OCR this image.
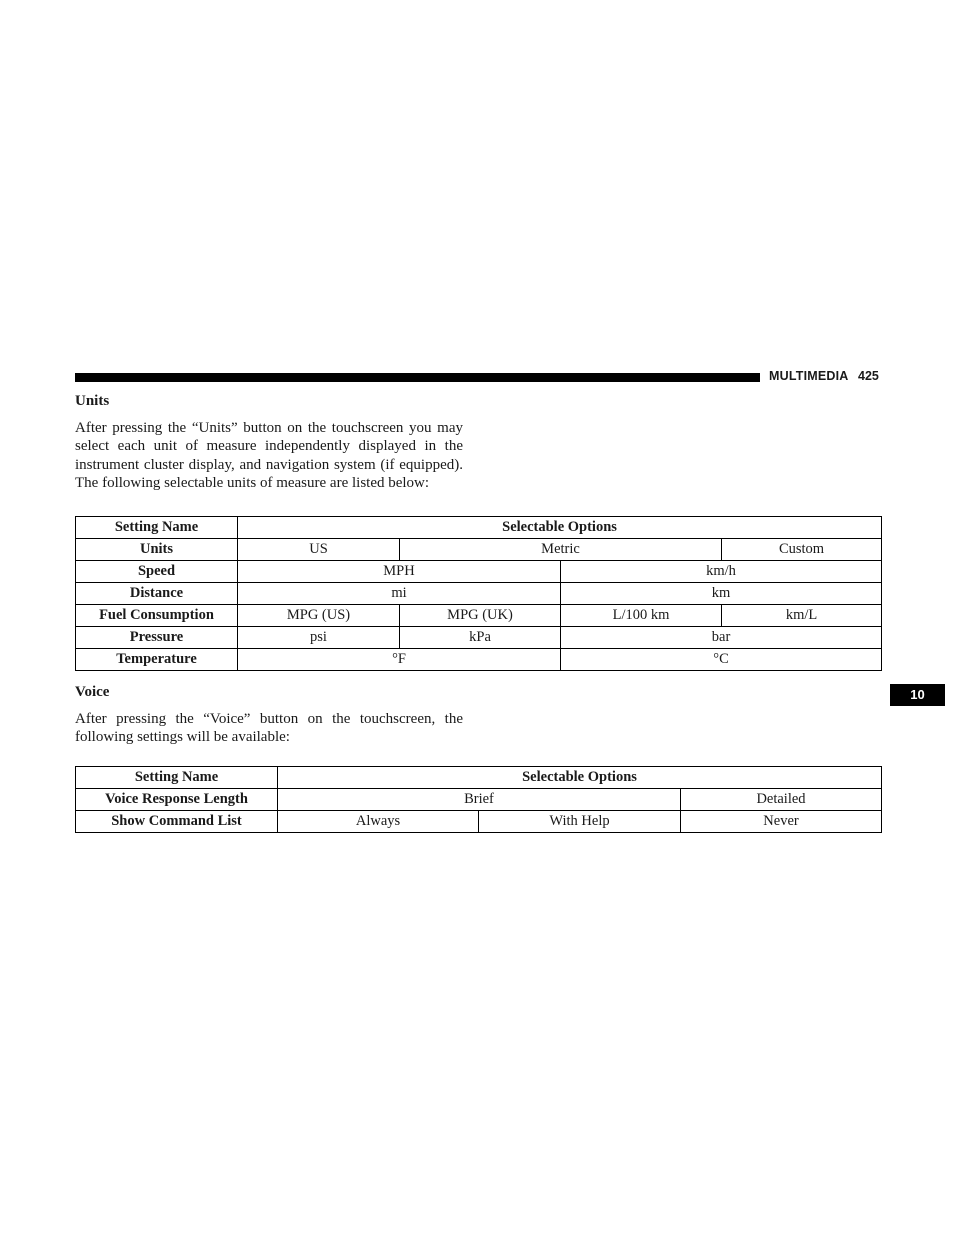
MULTIMEDIA 425
10
Units

After pressing the “Units” button on the touchscreen you may select each unit of measure independently displayed in the instrument cluster display, and navigation system (if equipped). The following selectable units of measure are listed below:

Setting Name	Selectable Options			
Units	US	Metric		Custom
Speed	MPH		km/h	
Distance	mi		km	
Fuel Consumption	MPG (US)	MPG (UK)	L/100 km	km/L
Pressure	psi	kPa	bar	
Temperature	°F		°C	
Voice

After pressing the “Voice” button on the touchscreen, the following settings will be available:

Setting Name	Selectable Options		
Voice Response Length	Brief		Detailed
Show Command List	Always	With Help	Never
